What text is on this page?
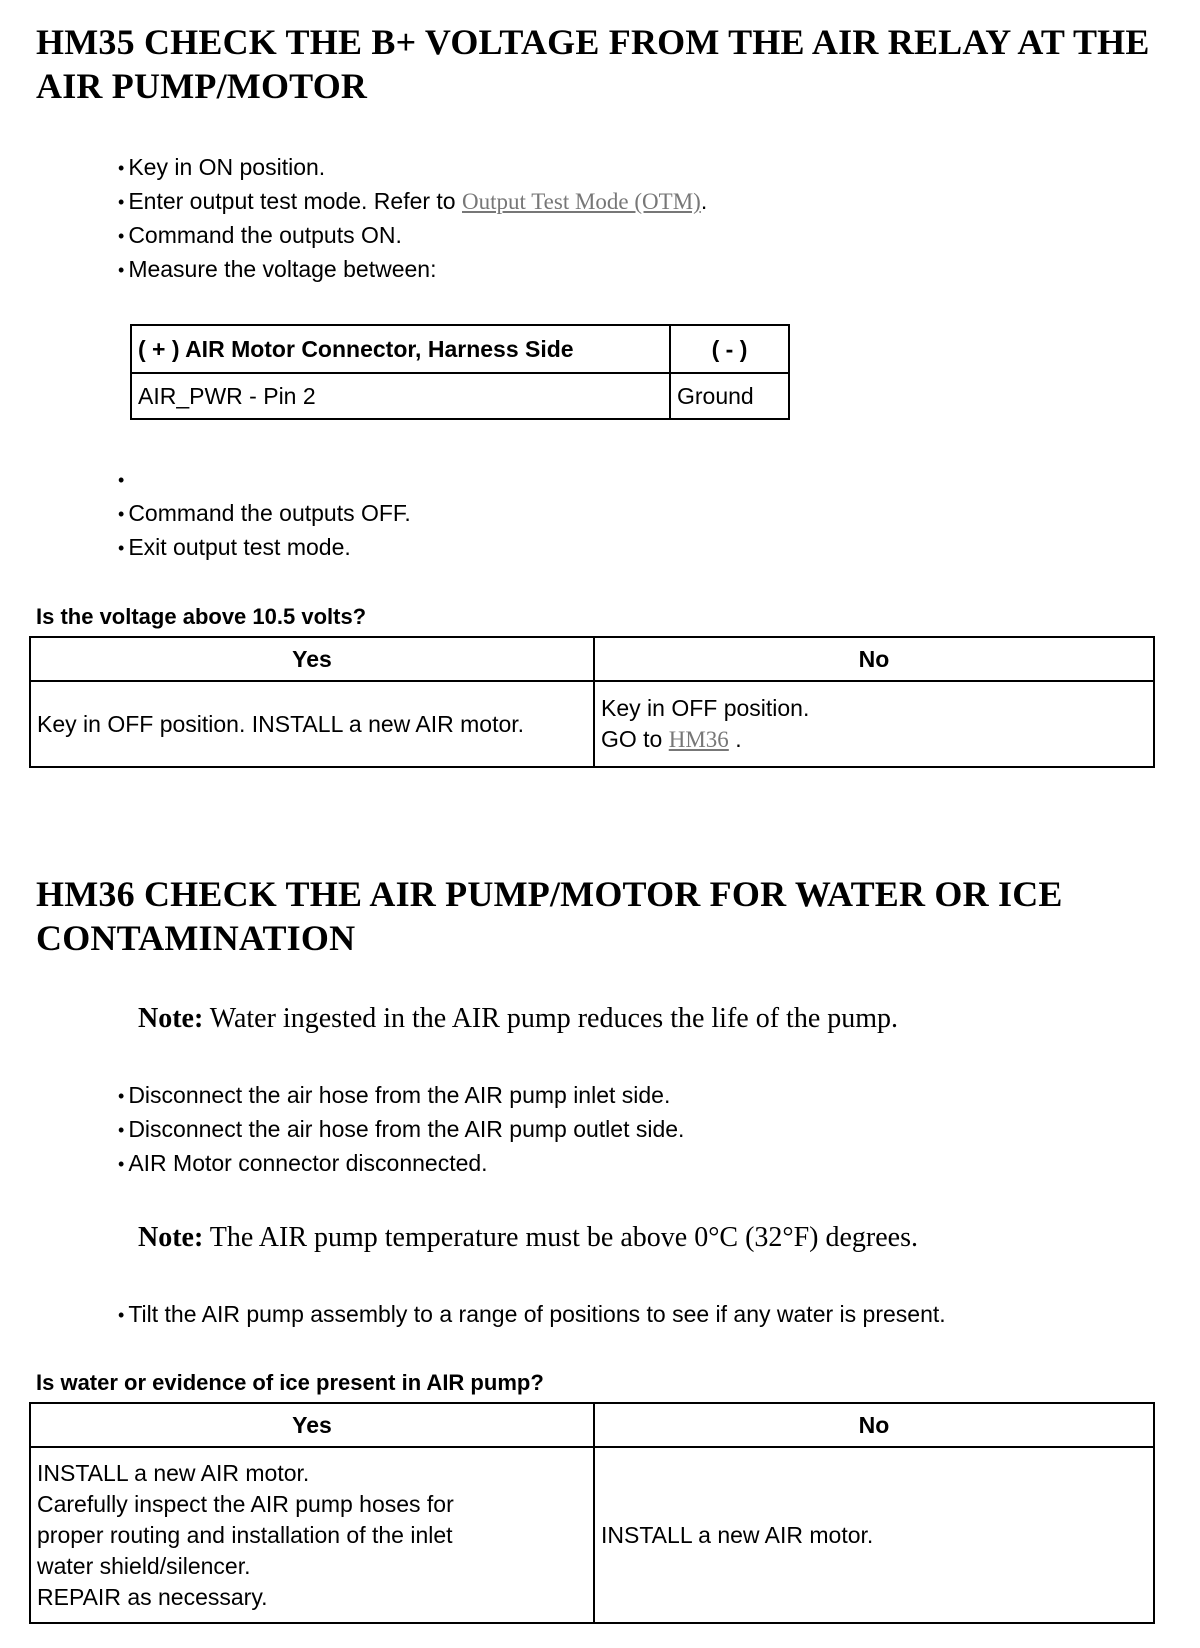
HM35 CHECK THE B+ VOLTAGE FROM THE AIR RELAY AT THE AIR PUMP/MOTOR
• Key in ON position.
• Enter output test mode. Refer to Output Test Mode (OTM).
• Command the outputs ON.
• Measure the voltage between:
( + ) AIR Motor Connector, Harness Side	( - )
AIR_PWR - Pin 2	Ground
•
• Command the outputs OFF.
• Exit output test mode.

Is the voltage above 10.5 volts?

Yes	No
Key in OFF position. INSTALL a new AIR motor.	Key in OFF position.
GO to HM36 .
HM36 CHECK THE AIR PUMP/MOTOR FOR WATER OR ICE CONTAMINATION

Note: Water ingested in the AIR pump reduces the life of the pump.

• Disconnect the air hose from the AIR pump inlet side.
• Disconnect the air hose from the AIR pump outlet side.
• AIR Motor connector disconnected.

Note: The AIR pump temperature must be above 0°C (32°F) degrees.

• Tilt the AIR pump assembly to a range of positions to see if any water is present.

Is water or evidence of ice present in AIR pump?

Yes	No

INSTALL a new AIR motor.
Carefully inspect the AIR pump hoses for
proper routing and installation of the inlet
water shield/silencer.
REPAIR as necessary.	INSTALL a new AIR motor.
